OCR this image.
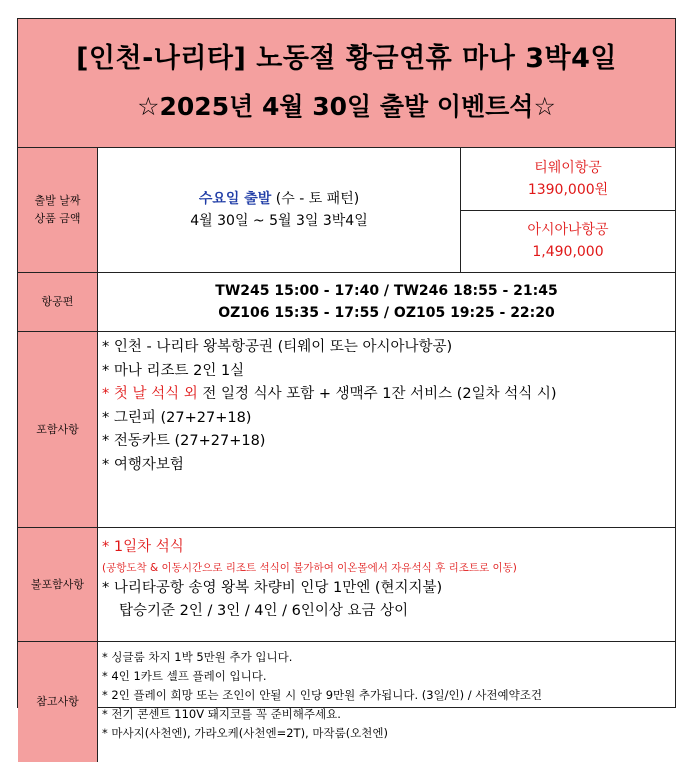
[인천-나리타] 노동절 황금연휴 마나 3박4일
☆2025년 4월 30일 출발 이벤트석☆
출발 날짜
상품 금액
수요일 출발 (수 - 토 패턴)
4월 30일 ~ 5월 3일 3박4일
티웨이항공
1390,000원
아시아나항공
1,490,000
항공편
TW245 15:00 - 17:40 / TW246 18:55 - 21:45
OZ106 15:35 - 17:55 / OZ105 19:25 - 22:20
포함사항
* 인천 - 나리타 왕복항공권 (티웨이 또는 아시아나항공)
* 마나 리조트 2인 1실
* 첫 날 석식 외 전 일정 식사 포함 + 생맥주 1잔 서비스 (2일차 석식 시)
* 그린피 (27+27+18)
* 전동카트 (27+27+18)
* 여행자보험
불포함사항
* 1일차 석식
(공항도착 & 이동시간으로 리조트 석식이 불가하여 이온몰에서 자유석식 후 리조트로 이동)
* 나리타공항 송영 왕복 차량비 인당 1만엔 (현지지불)
탑승기준 2인 / 3인 / 4인 / 6인이상 요금 상이
참고사항
* 싱글룸 차지 1박 5만원 추가 입니다.
* 4인 1카트 셀프 플레이 입니다.
* 2인 플레이 희망 또는 조인이 안될 시 인당 9만원 추가됩니다. (3일/인) / 사전예약조건
* 전기 콘센트 110V 돼지코를 꼭 준비해주세요.
* 마사지(사천엔), 가라오케(사천엔=2T), 마작룸(오천엔)
